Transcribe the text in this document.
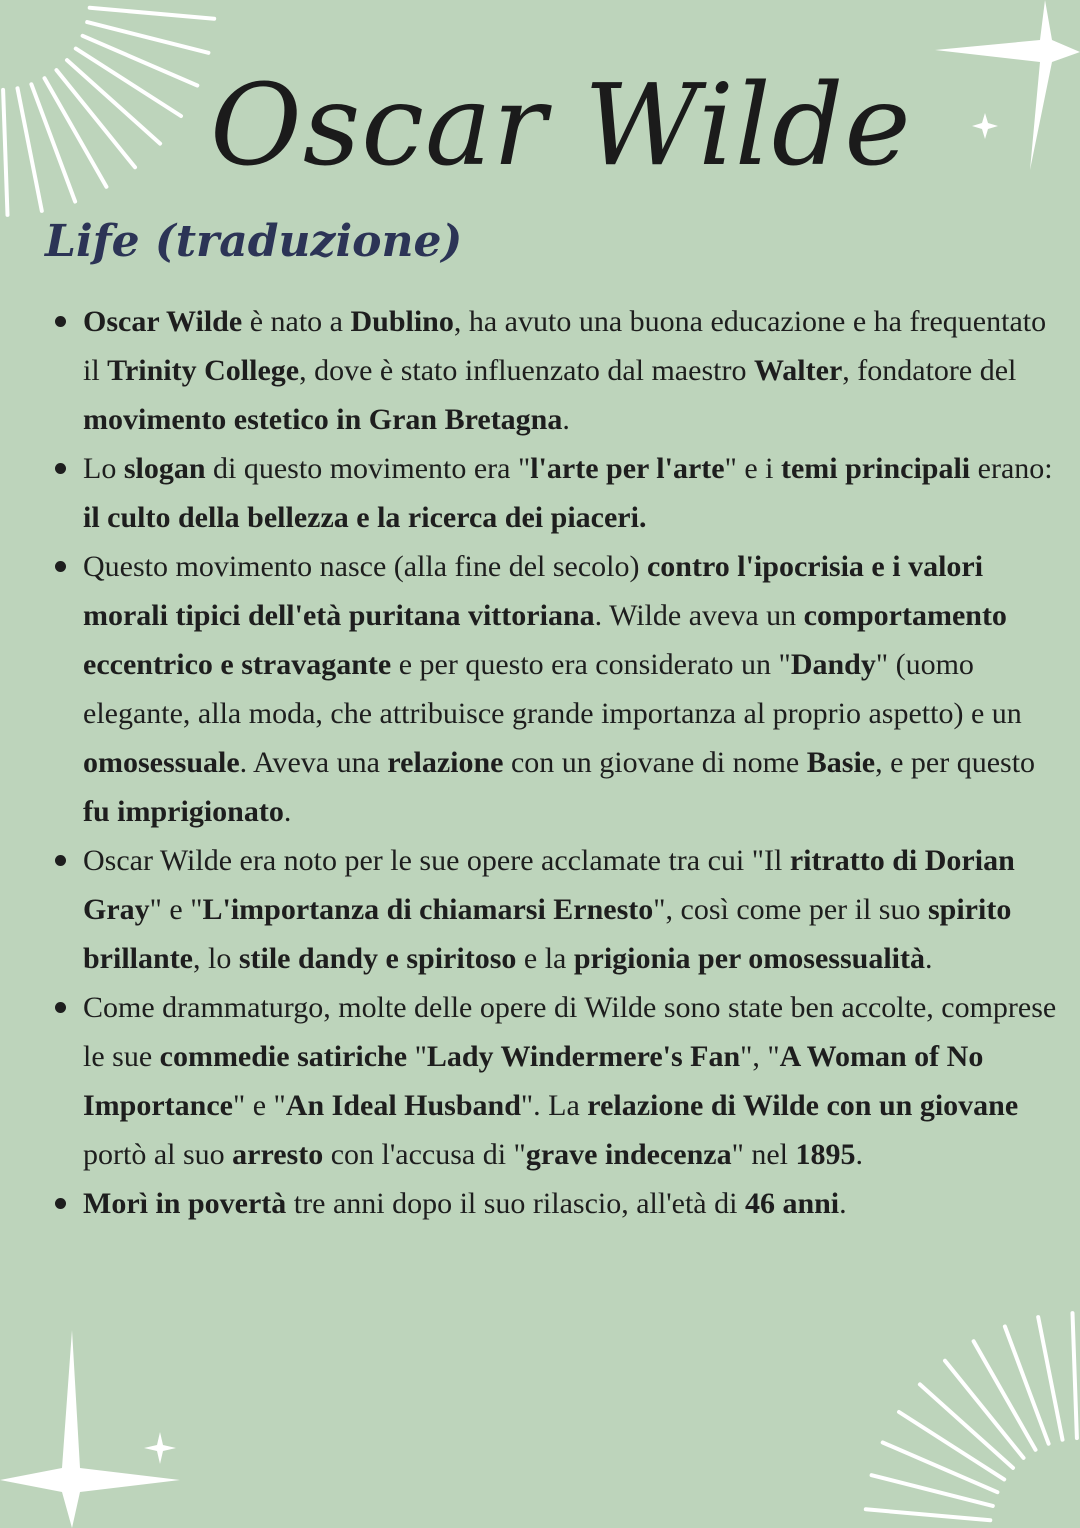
Oscar Wilde
Life (traduzione)
Oscar Wilde è nato a Dublino, ha avuto una buona educazione e ha frequentato il Trinity College, dove è stato influenzato dal maestro Walter, fondatore del movimento estetico in Gran Bretagna.
Lo slogan di questo movimento era "l'arte per l'arte" e i temi principali erano: il culto della bellezza e la ricerca dei piaceri.
Questo movimento nasce (alla fine del secolo) contro l'ipocrisia e i valori morali tipici dell'età puritana vittoriana. Wilde aveva un comportamento eccentrico e stravagante e per questo era considerato un "Dandy" (uomo elegante, alla moda, che attribuisce grande importanza al proprio aspetto) e un omosessuale. Aveva una relazione con un giovane di nome Basie, e per questo fu imprigionato.
Oscar Wilde era noto per le sue opere acclamate tra cui "Il ritratto di Dorian Gray" e "L'importanza di chiamarsi Ernesto", così come per il suo spirito brillante, lo stile dandy e spiritoso e la prigionia per omosessualità.
Come drammaturgo, molte delle opere di Wilde sono state ben accolte, comprese le sue commedie satiriche "Lady Windermere's Fan", "A Woman of No Importance" e "An Ideal Husband". La relazione di Wilde con un giovane portò al suo arresto con l'accusa di "grave indecenza" nel 1895.
Morì in povertà tre anni dopo il suo rilascio, all'età di 46 anni.
